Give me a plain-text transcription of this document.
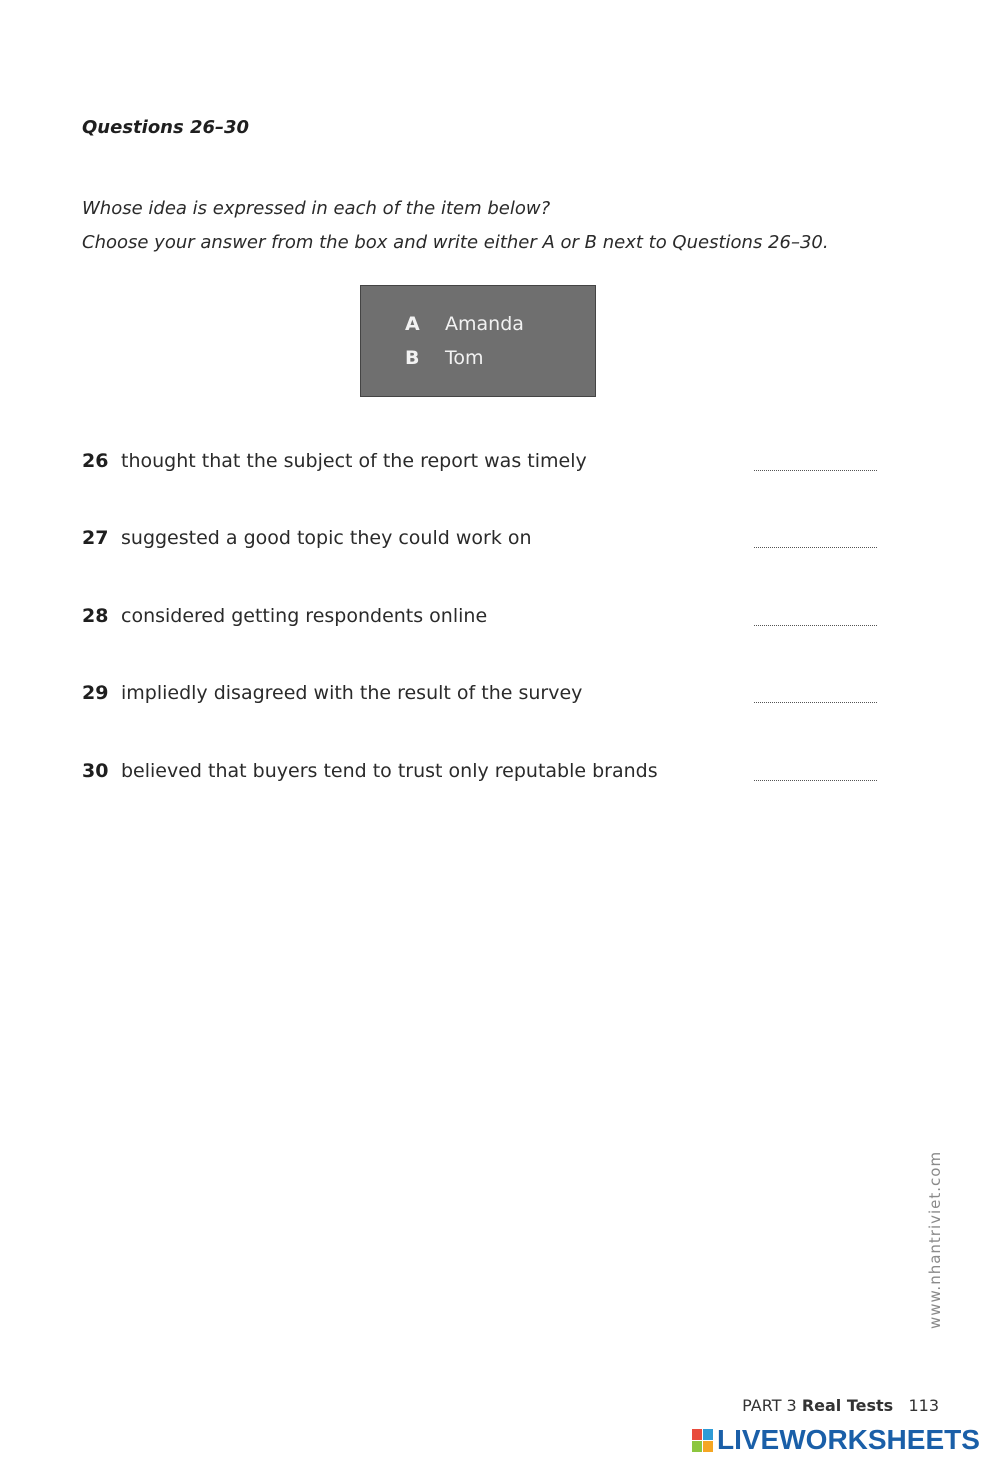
Questions 26–30
Whose idea is expressed in each of the item below?
Choose your answer from the box and write either A or B next to Questions 26–30.
A Amanda
B Tom
26 thought that the subject of the report was timely
27 suggested a good topic they could work on
28 considered getting respondents online
29 impliedly disagreed with the result of the survey
30 believed that buyers tend to trust only reputable brands
www.nhantriviet.com
PART 3 Real Tests 113
LIVEWORKSHEETS
